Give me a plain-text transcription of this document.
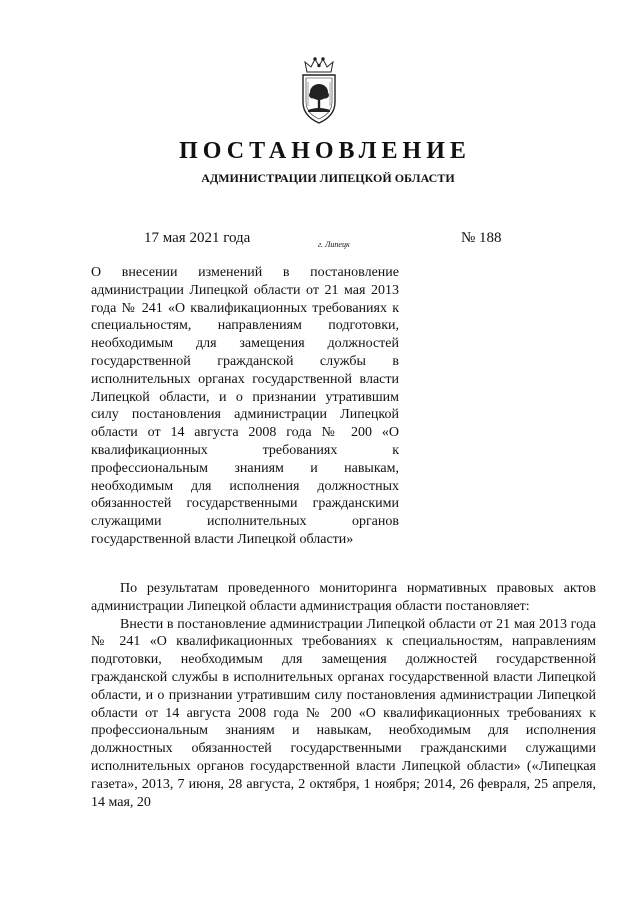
ПОСТАНОВЛЕНИЕ
АДМИНИСТРАЦИИ ЛИПЕЦКОЙ ОБЛАСТИ
17 мая 2021 года	г. Липецк	№ 188
О внесении изменений в постановление администрации Липецкой области от 21 мая 2013 года № 241 «О квалификационных требованиях к специальностям, направлениям подготовки, необходимым для замещения должностей государственной гражданской службы в исполнительных органах государственной власти Липецкой области, и о признании утратившим силу постановления администрации Липецкой области от 14 августа 2008 года № 200 «О квалификационных требованиях к профессиональным знаниям и навыкам, необходимым для исполнения должностных обязанностей государственными гражданскими служащими исполнительных органов государственной власти Липецкой области»

По результатам проведенного мониторинга нормативных правовых актов администрации Липецкой области администрация области постановляет:

Внести в постановление администрации Липецкой области от 21 мая 2013 года № 241 «О квалификационных требованиях к специальностям, направлениям подготовки, необходимым для замещения должностей государственной гражданской службы в исполнительных органах государственной власти Липецкой области, и о признании утратившим силу постановления администрации Липецкой области от 14 августа 2008 года № 200 «О квалификационных требованиях к профессиональным знаниям и навыкам, необходимым для исполнения должностных обязанностей государственными гражданскими служащими исполнительных органов государственной власти Липецкой области» («Липецкая газета», 2013, 7 июня, 28 августа, 2 октября, 1 ноября; 2014, 26 февраля, 25 апреля, 14 мая, 20
